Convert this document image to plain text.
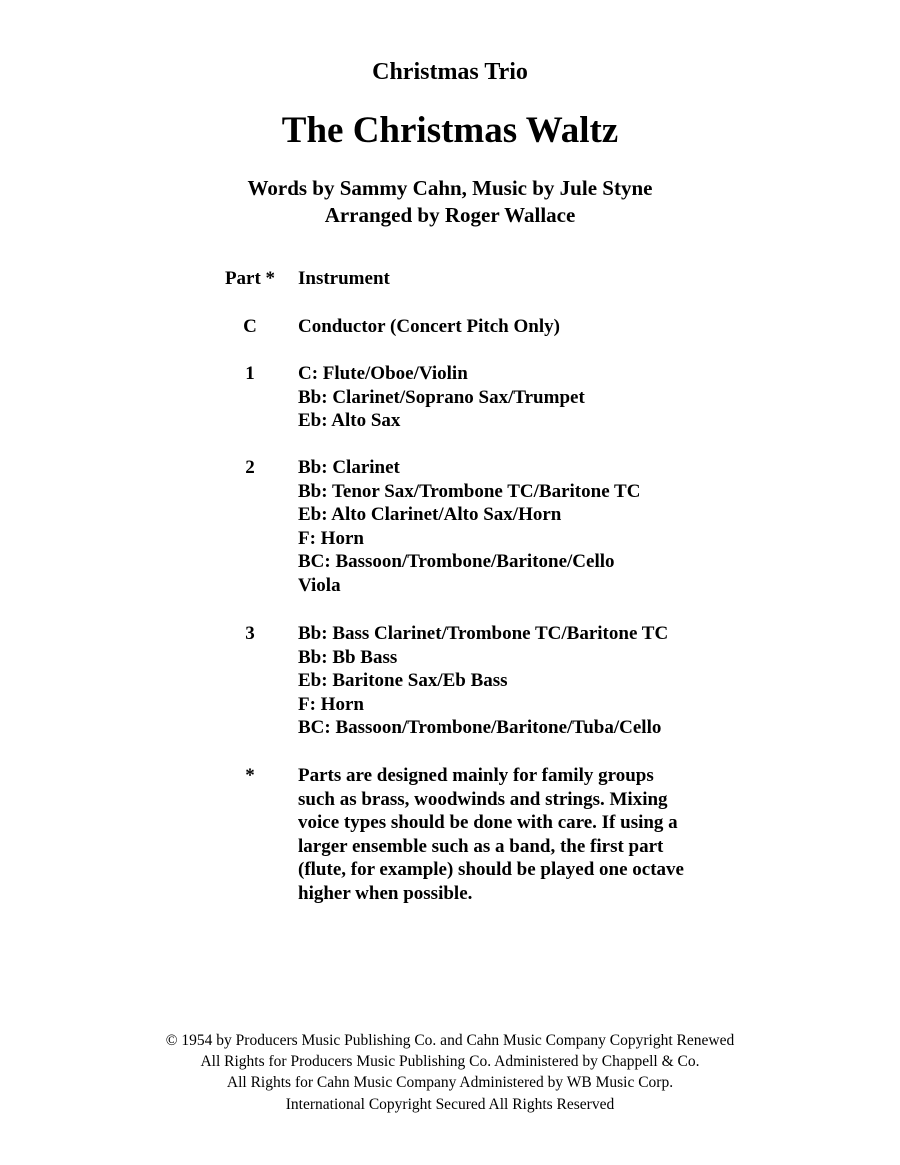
Christmas Trio
The Christmas Waltz
Words by Sammy Cahn, Music by Jule Styne
Arranged by Roger Wallace
Part *	Instrument
C	Conductor (Concert Pitch Only)
1	C: Flute/Oboe/Violin
Bb: Clarinet/Soprano Sax/Trumpet
Eb: Alto Sax
2	Bb: Clarinet
Bb: Tenor Sax/Trombone TC/Baritone TC
Eb: Alto Clarinet/Alto Sax/Horn
F: Horn
BC: Bassoon/Trombone/Baritone/Cello
Viola
3	Bb: Bass Clarinet/Trombone TC/Baritone TC
Bb: Bb Bass
Eb: Baritone Sax/Eb Bass
F: Horn
BC: Bassoon/Trombone/Baritone/Tuba/Cello
*	Parts are designed mainly for family groups
such as brass, woodwinds and strings. Mixing
voice types should be done with care. If using a
larger ensemble such as a band, the first part
(flute, for example) should be played one octave
higher when possible.
© 1954 by Producers Music Publishing Co. and Cahn Music Company Copyright Renewed
All Rights for Producers Music Publishing Co. Administered by Chappell & Co.
All Rights for Cahn Music Company Administered by WB Music Corp.
International Copyright Secured All Rights Reserved
